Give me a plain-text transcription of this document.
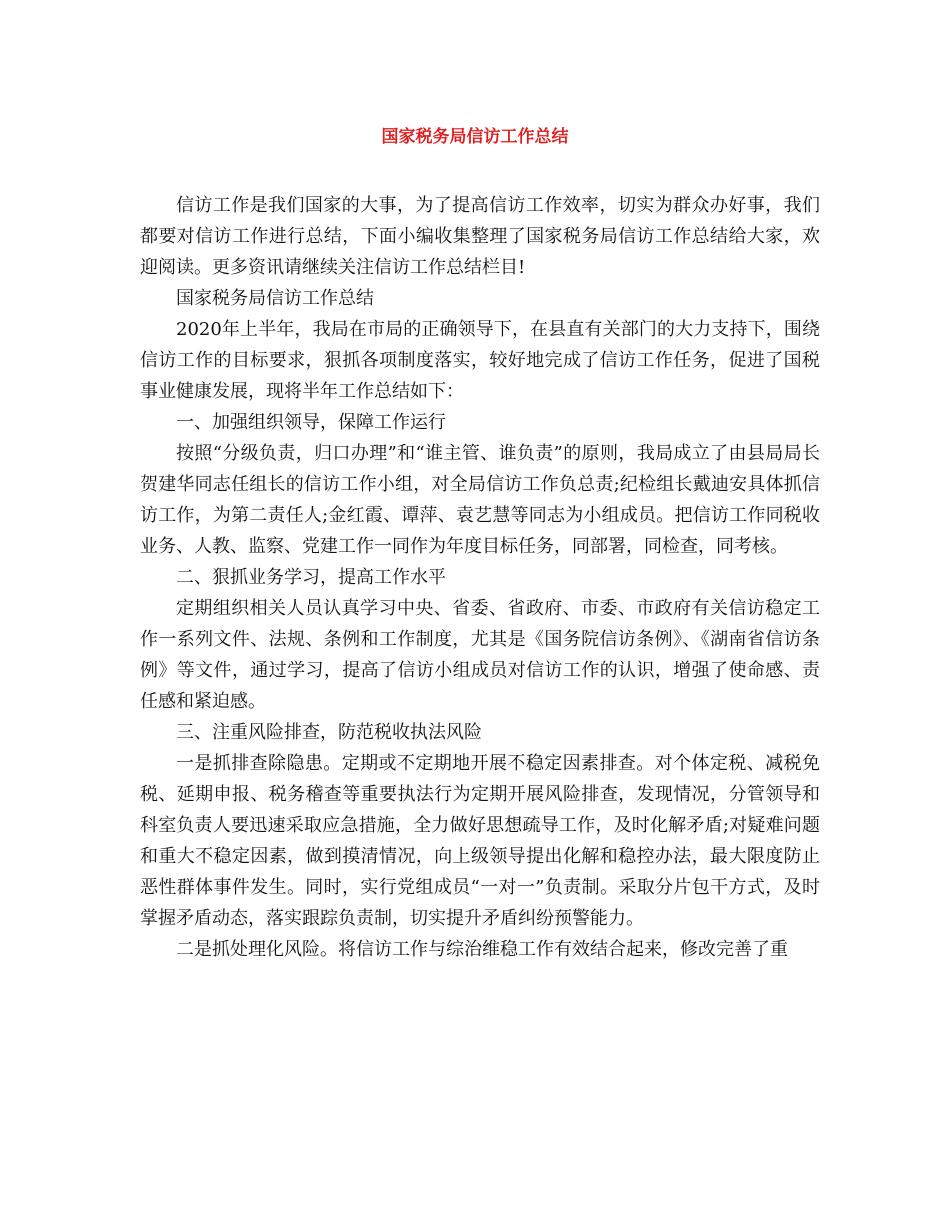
国家税务局信访工作总结

信访工作是我们国家的大事，为了提高信访工作效率，切实为群众办好事，我们都要对信访工作进行总结，下面小编收集整理了国家税务局信访工作总结给大家，欢迎阅读。更多资讯请继续关注信访工作总结栏目!

国家税务局信访工作总结

2020年上半年，我局在市局的正确领导下，在县直有关部门的大力支持下，围绕信访工作的目标要求，狠抓各项制度落实，较好地完成了信访工作任务，促进了国税事业健康发展，现将半年工作总结如下：

一、加强组织领导，保障工作运行

按照“分级负责，归口办理”和“谁主管、谁负责”的原则，我局成立了由县局局长贺建华同志任组长的信访工作小组，对全局信访工作负总责;纪检组长戴迪安具体抓信访工作，为第二责任人;金红霞、谭萍、袁艺慧等同志为小组成员。把信访工作同税收业务、人教、监察、党建工作一同作为年度目标任务，同部署，同检查，同考核。

二、狠抓业务学习，提高工作水平

定期组织相关人员认真学习中央、省委、省政府、市委、市政府有关信访稳定工作一系列文件、法规、条例和工作制度，尤其是《国务院信访条例》、《湖南省信访条例》等文件，通过学习，提高了信访小组成员对信访工作的认识，增强了使命感、责任感和紧迫感。

三、注重风险排查，防范税收执法风险

一是抓排查除隐患。定期或不定期地开展不稳定因素排查。对个体定税、减税免税、延期申报、税务稽查等重要执法行为定期开展风险排查，发现情况，分管领导和科室负责人要迅速采取应急措施，全力做好思想疏导工作，及时化解矛盾;对疑难问题和重大不稳定因素，做到摸清情况，向上级领导提出化解和稳控办法，最大限度防止恶性群体事件发生。同时，实行党组成员“一对一”负责制。采取分片包干方式，及时掌握矛盾动态，落实跟踪负责制，切实提升矛盾纠纷预警能力。

二是抓处理化风险。将信访工作与综治维稳工作有效结合起来，修改完善了重
